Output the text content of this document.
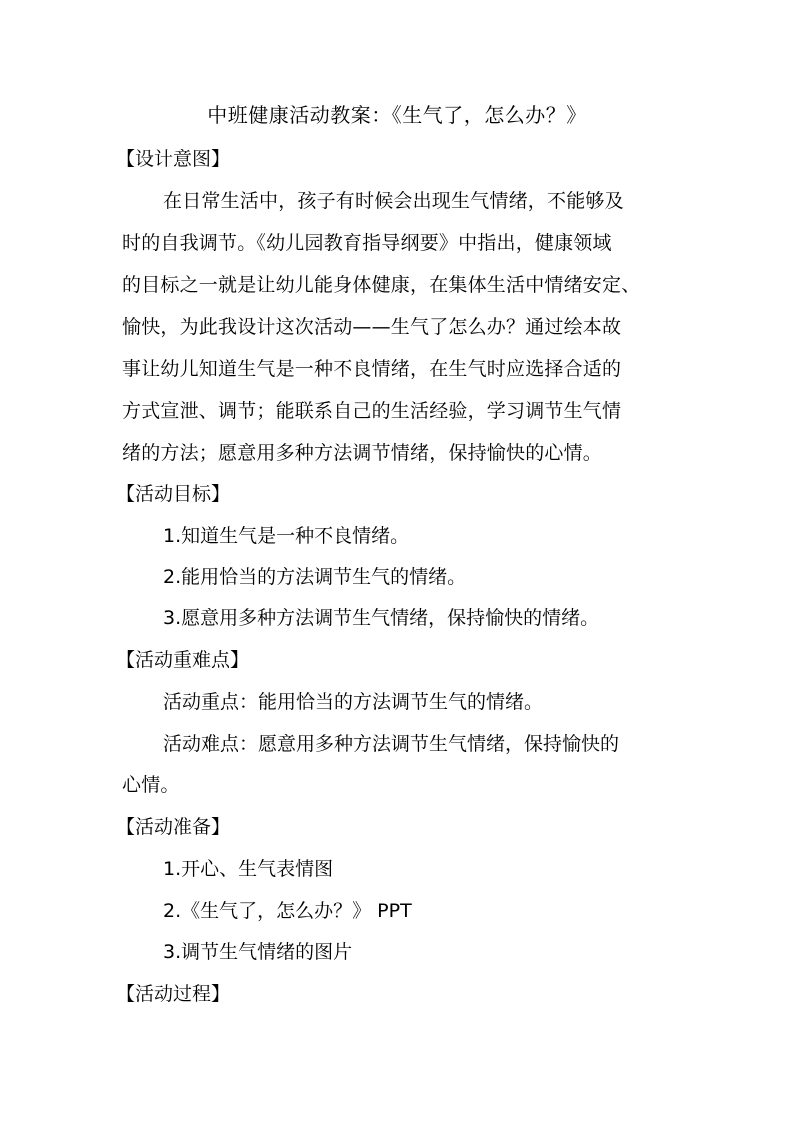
中班健康活动教案：《生气了，怎么办？》
【设计意图】
在日常生活中，孩子有时候会出现生气情绪，不能够及
时的自我调节。《幼儿园教育指导纲要》中指出，健康领域
的目标之一就是让幼儿能身体健康，在集体生活中情绪安定、
愉快，为此我设计这次活动——生气了怎么办？通过绘本故
事让幼儿知道生气是一种不良情绪，在生气时应选择合适的
方式宣泄、调节；能联系自己的生活经验，学习调节生气情
绪的方法；愿意用多种方法调节情绪，保持愉快的心情。
【活动目标】
1.知道生气是一种不良情绪。
2.能用恰当的方法调节生气的情绪。
3.愿意用多种方法调节生气情绪，保持愉快的情绪。
【活动重难点】
活动重点：能用恰当的方法调节生气的情绪。
活动难点：愿意用多种方法调节生气情绪，保持愉快的
心情。
【活动准备】
1.开心、生气表情图
2.《生气了，怎么办？》 PPT
3.调节生气情绪的图片
【活动过程】
